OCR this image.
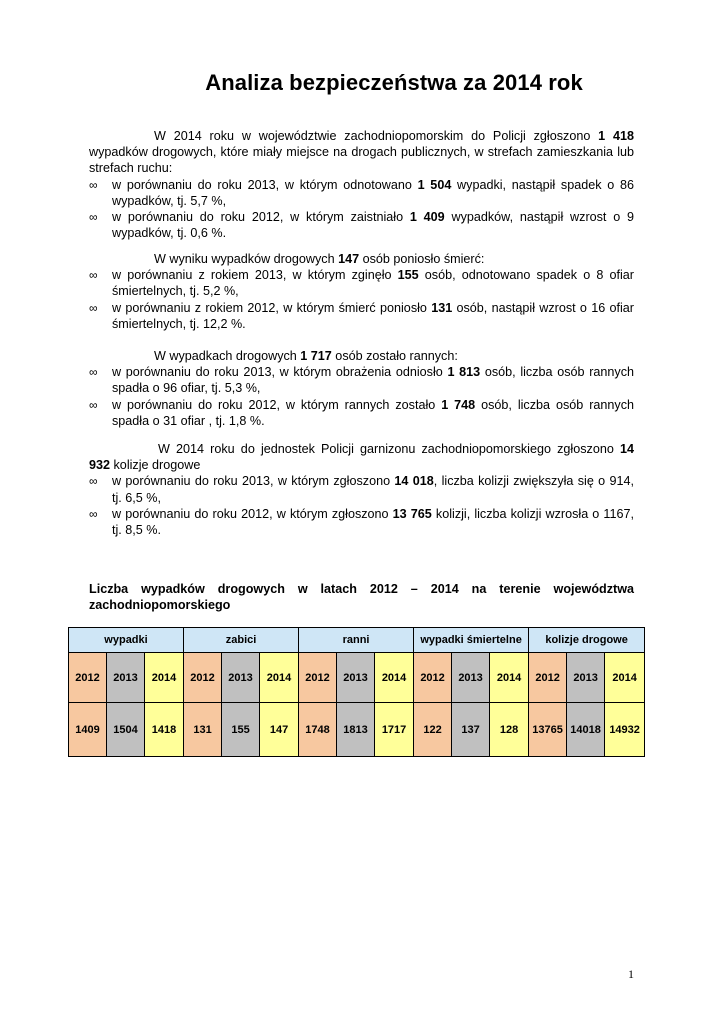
Analiza bezpieczeństwa za 2014 rok

W 2014 roku w województwie zachodniopomorskim do Policji zgłoszono 1 418 wypadków drogowych, które miały miejsce na drogach publicznych, w strefach zamieszkania lub strefach ruchu:

∞ w porównaniu do roku 2013, w którym odnotowano 1 504 wypadki, nastąpił spadek o 86 wypadków, tj. 5,7 %,
∞ w porównaniu do roku 2012, w którym zaistniało 1 409 wypadków, nastąpił wzrost o 9 wypadków, tj. 0,6 %.

W wyniku wypadków drogowych 147 osób poniosło śmierć:

∞ w porównaniu z rokiem 2013, w którym zginęło 155 osób, odnotowano spadek o 8 ofiar śmiertelnych, tj. 5,2 %,
∞ w porównaniu z rokiem 2012, w którym śmierć poniosło 131 osób, nastąpił wzrost o 16 ofiar śmiertelnych, tj. 12,2 %.

W wypadkach drogowych 1 717 osób zostało rannych:

∞ w porównaniu do roku 2013, w którym obrażenia odniosło 1 813 osób, liczba osób rannych spadła o 96 ofiar, tj. 5,3 %,
∞ w porównaniu do roku 2012, w którym rannych zostało 1 748 osób, liczba osób rannych spadła o 31 ofiar , tj. 1,8 %.

W 2014 roku do jednostek Policji garnizonu zachodniopomorskiego zgłoszono 14 932 kolizje drogowe

∞ w porównaniu do roku 2013, w którym zgłoszono 14 018, liczba kolizji zwiększyła się o 914, tj. 6,5 %,
∞ w porównaniu do roku 2012, w którym zgłoszono 13 765 kolizji, liczba kolizji wzrosła o 1167, tj. 8,5 %.
Liczba wypadków drogowych w latach 2012 – 2014 na terenie województwa zachodniopomorskiego
wypadki			zabici			ranni			wypadki śmiertelne			kolizje drogowe		
2012	2013	2014	2012	2013	2014	2012	2013	2014	2012	2013	2014	2012	2013	2014
1409	1504	1418	131	155	147	1748	1813	1717	122	137	128	13765	14018	14932
1
